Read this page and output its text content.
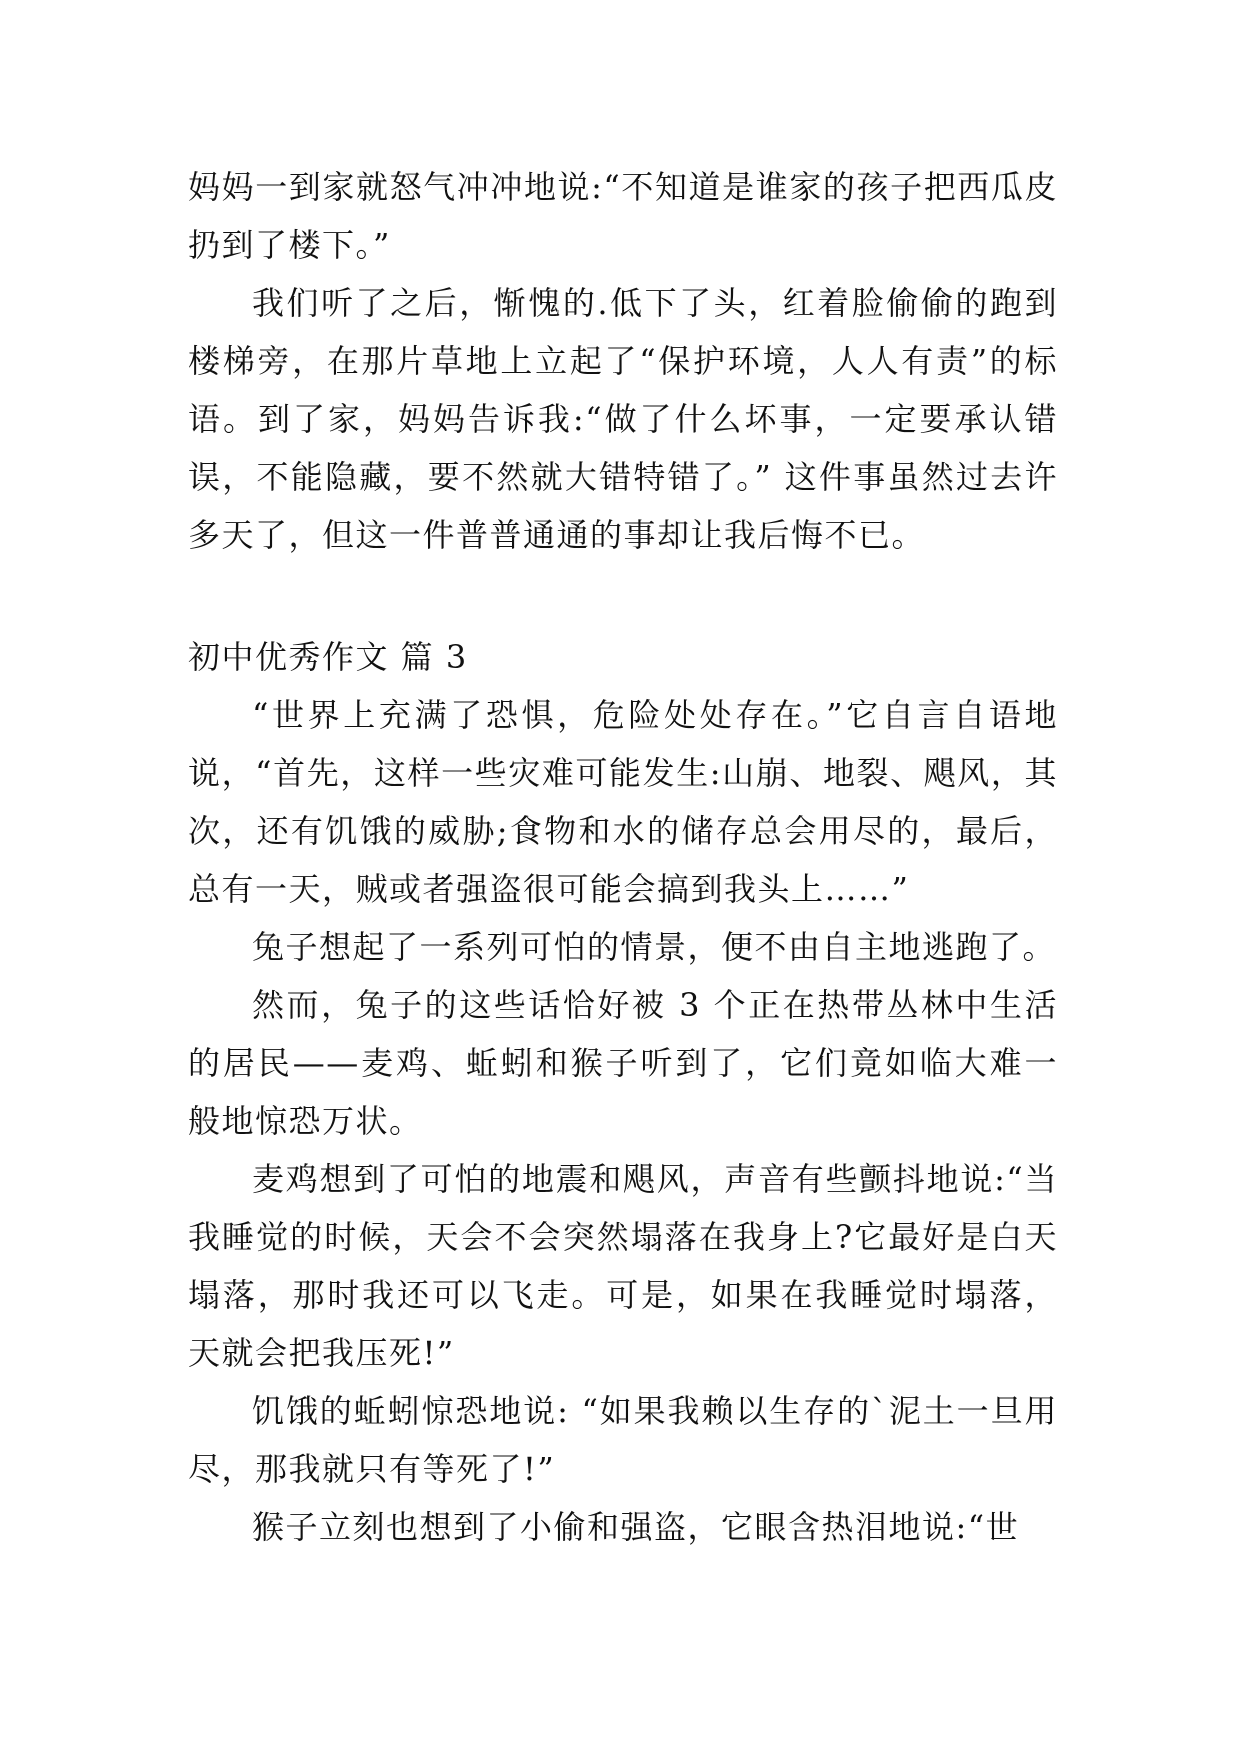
妈妈一到家就怒气冲冲地说:“不知道是谁家的孩子把西瓜皮扔到了楼下。”

我们听了之后，惭愧的.低下了头，红着脸偷偷的跑到楼梯旁，在那片草地上立起了“保护环境，人人有责”的标语。到了家，妈妈告诉我:“做了什么坏事，一定要承认错误，不能隐藏，要不然就大错特错了。” 这件事虽然过去许多天了，但这一件普普通通的事却让我后悔不已。

初中优秀作文 篇 3

“世界上充满了恐惧，危险处处存在。”它自言自语地说，“首先，这样一些灾难可能发生:山崩、地裂、飓风，其次，还有饥饿的威胁;食物和水的储存总会用尽的，最后，总有一天，贼或者强盗很可能会搞到我头上……”

兔子想起了一系列可怕的情景，便不由自主地逃跑了。

然而，兔子的这些话恰好被 3 个正在热带丛林中生活的居民——麦鸡、蚯蚓和猴子听到了，它们竟如临大难一般地惊恐万状。

麦鸡想到了可怕的地震和飓风，声音有些颤抖地说:“当我睡觉的时候，天会不会突然塌落在我身上?它最好是白天塌落，那时我还可以飞走。可是，如果在我睡觉时塌落，天就会把我压死!”

饥饿的蚯蚓惊恐地说: “如果我赖以生存的`泥土一旦用尽，那我就只有等死了!”

猴子立刻也想到了小偷和强盗，它眼含热泪地说:“世
